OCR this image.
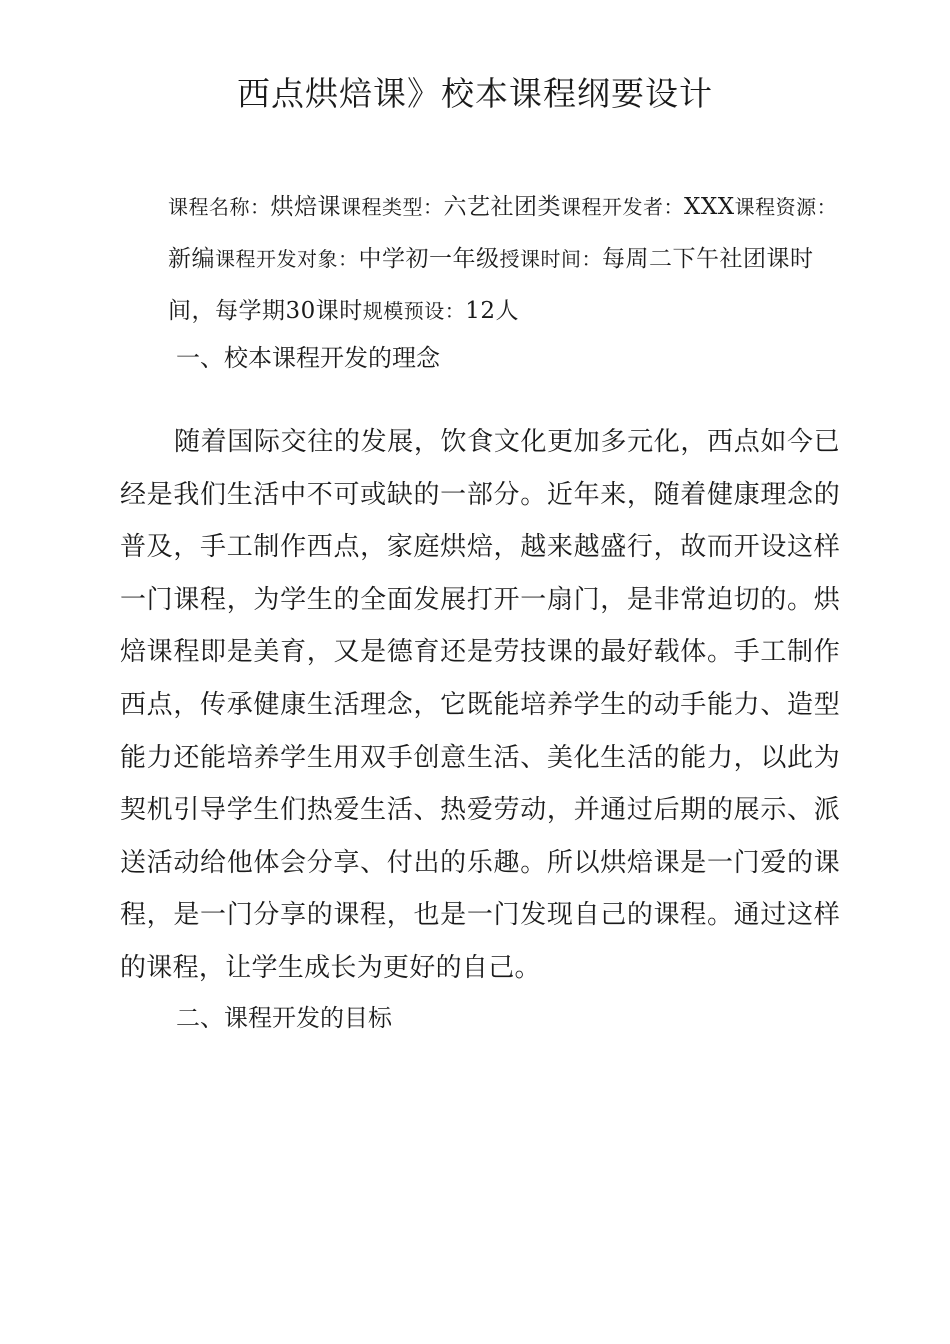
西点烘焙课》校本课程纲要设计
课程名称：烘焙课课程类型：六艺社团类课程开发者：XXX课程资源：新编课程开发对象：中学初一年级授课时间：每周二下午社团课时间，每学期30课时规模预设：12人
一、校本课程开发的理念
随着国际交往的发展，饮食文化更加多元化，西点如今已经是我们生活中不可或缺的一部分。近年来，随着健康理念的普及，手工制作西点，家庭烘焙，越来越盛行，故而开设这样一门课程，为学生的全面发展打开一扇门，是非常迫切的。烘焙课程即是美育，又是德育还是劳技课的最好载体。手工制作西点，传承健康生活理念，它既能培养学生的动手能力、造型能力还能培养学生用双手创意生活、美化生活的能力，以此为契机引导学生们热爱生活、热爱劳动，并通过后期的展示、派送活动给他体会分享、付出的乐趣。所以烘焙课是一门爱的课程，是一门分享的课程，也是一门发现自己的课程。通过这样的课程，让学生成长为更好的自己。
二、课程开发的目标
